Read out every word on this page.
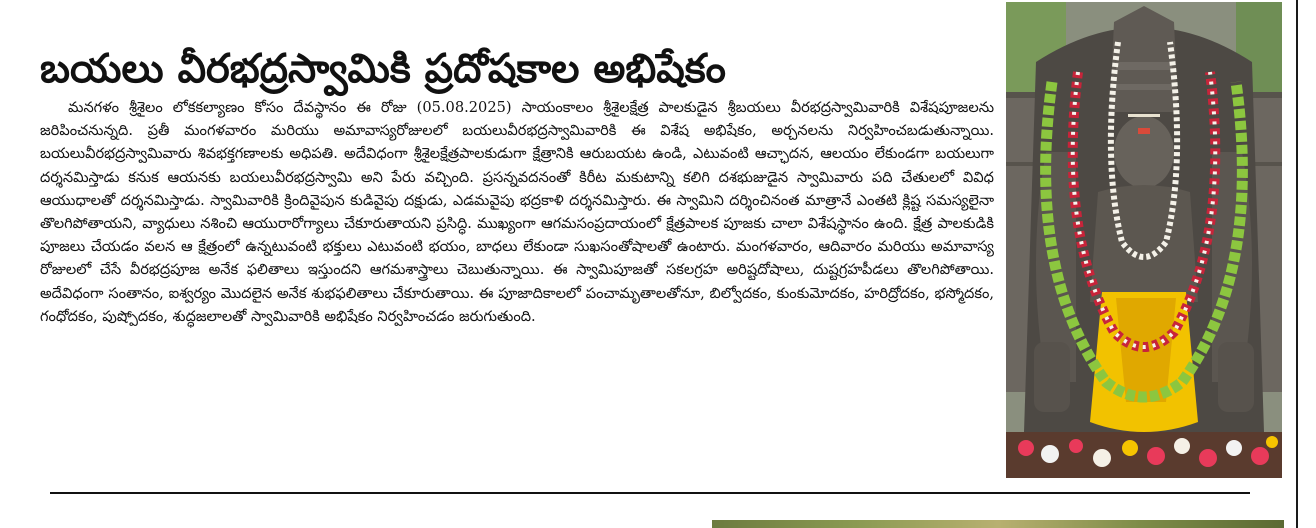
బయలు వీరభద్రస్వామికి ప్రదోషకాల అభిషేకం

మనగళం శ్రీశైలం లోకకల్యాణం కోసం దేవస్థానం ఈ రోజు (05.08.2025) సాయంకాలం శ్రీశైలక్షేత్ర పాలకుడైన శ్రీబయలు వీరభద్రస్వామివారికి విశేషపూజలను జరిపించనున్నది. ప్రతీ మంగళవారం మరియు అమావాస్యరోజులలో బయలువీరభద్రస్వామివారికి ఈ విశేష అభిషేకం, అర్చనలను నిర్వహించబడుతున్నాయి. బయలువీరభద్రస్వామివారు శివభక్తగణాలకు అధిపతి. అదేవిధంగా శ్రీశైలక్షేత్రపాలకుడుగా క్షేత్రానికి ఆరుబయట ఉండి, ఎటువంటి ఆచ్ఛాదన, ఆలయం లేకుండగా బయలుగా దర్శనమిస్తాడు కనుక ఆయనకు బయలువీరభద్రస్వామి అని పేరు వచ్చింది. ప్రసన్నవదనంతో కిరీట మకుటాన్ని కలిగి దశభుజుడైన స్వామివారు పది చేతులలో వివిధ ఆయుధాలతో దర్శనమిస్తాడు. స్వామివారికి క్రిందివైపున కుడివైపు దక్షుడు, ఎడమవైపు భద్రకాళి దర్శనమిస్తారు. ఈ స్వామిని దర్శించినంత మాత్రానే ఎంతటి క్లిష్ట సమస్యలైనా తొలగిపోతాయని, వ్యాధులు నశించి ఆయురారోగ్యాలు చేకూరుతాయని ప్రసిద్ధి. ముఖ్యంగా ఆగమసంప్రదాయంలో క్షేత్రపాలక పూజకు చాలా విశేషస్థానం ఉంది. క్షేత్ర పాలకుడికి పూజలు చేయడం వలన ఆ క్షేత్రంలో ఉన్నటువంటి భక్తులు ఎటువంటి భయం, బాధలు లేకుండా సుఖసంతోషాలతో ఉంటారు. మంగళవారం, ఆదివారం మరియు అమావాస్య రోజులలో చేసే వీరభద్రపూజ అనేక ఫలితాలు ఇస్తుందని ఆగమశాస్త్రాలు చెబుతున్నాయి. ఈ స్వామిపూజతో సకలగ్రహ అరిష్టదోషాలు, దుష్టగ్రహపీడలు తొలగిపోతాయి. అదేవిధంగా సంతానం, ఐశ్వర్యం మొదలైన అనేక శుభఫలితాలు చేకూరుతాయి. ఈ పూజాదికాలలో పంచామృతాలతోనూ, బిల్వోదకం, కుంకుమోదకం, హరిద్రోదకం, భస్మోదకం, గంధోదకం, పుష్పోదకం, శుద్ధజలాలతో స్వామివారికి అభిషేకం నిర్వహించడం జరుగుతుంది.
